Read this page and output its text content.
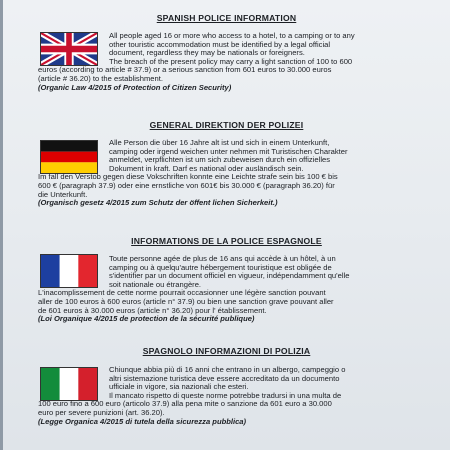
SPANISH POLICE INFORMATION
All people aged 16 or more who access to a hotel, to a camping or to any
other touristic accommodation must be identified by a legal official
document, regardless they may be nationals or foreigners.
The breach of the present policy may carry a light sanction of 100 to 600
euros (according to article # 37.9) or a serious sanction from 601 euros to 30.000 euros
(article # 36.20) to the establishment.
(Organic Law 4/2015 of Protection of Citizen Security)
GENERAL DIREKTION DER POLIZEI
Alle Person die über 16 Jahre alt ist und sich in einem Unterkunft,
camping oder irgend weichen unter nehmen mit Turistischen Charakter
anmeldet, verpflichten ist um sich zubeweisen durch ein offizielles
Dokument in kraft. Darf es national oder ausländisch sein.
Im fall den Verstob gegen diese Vokschriften konnte eine Leichte strafe sein bis 100 € bis
600 € (paragraph 37.9) oder eine ernstliche von 601€ bis 30.000 € (paragraph 36.20) für
die Unterkunft.
(Organisch gesetz 4/2015 zum Schutz der öffent lichen Sicherkeit.)
INFORMATIONS DE LA POLICE ESPAGNOLE
Toute personne agée de plus de 16 ans qui accède à un hôtel, à un
camping ou à quelqu'autre hébergement touristique est obligée de
s'identifier par un document officiel en vigueur, indépendamment qu'elle
soit nationale ou étrangère.
L'inacomplissement de cette norme pourrait occasionner une légère sanction pouvant
aller de 100 euros à 600 euros (article n° 37.9) ou bien une sanction grave pouvant aller
de 601 euros à 30.000 euros (article n° 36.20) pour l' établissement.
(Loi Organique 4/2015 de protection de la sécurité publique)
SPAGNOLO INFORMAZIONI DI POLIZIA
Chiunque abbia più di 16 anni che entrano in un albergo, campeggio o
altri sistemazione turistica deve essere accreditato da un documento
ufficiale in vigore, sia nazionali che esteri.
Il mancato rispetto di queste norme potrebbe tradursi in una multa de
100 euro fino a 600 euro (articolo 37.9) alla pena mite o sanzione da 601 euro a 30.000
euro per severe punizioni (art. 36.20).
(Legge Organica 4/2015 di tutela della sicurezza pubblica)
